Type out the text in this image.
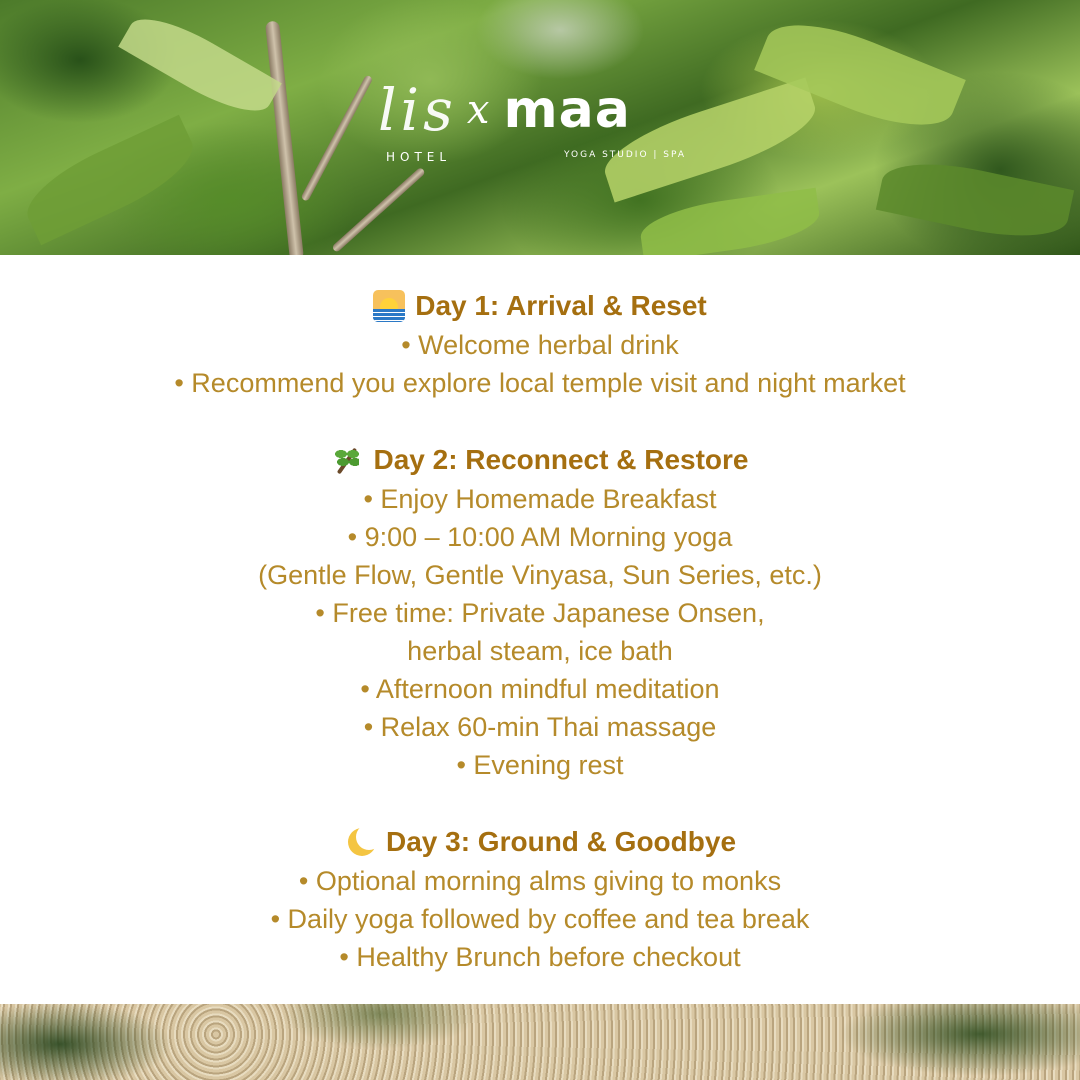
lis x maa
HOTEL	YOGA STUDIO | SPA
Day 1: Arrival & Reset
• Welcome herbal drink
• Recommend you explore local temple visit and night market
Day 2: Reconnect & Restore
• Enjoy Homemade Breakfast
• 9:00 – 10:00 AM Morning yoga
(Gentle Flow, Gentle Vinyasa, Sun Series, etc.)
• Free time: Private Japanese Onsen,
herbal steam, ice bath
• Afternoon mindful meditation
• Relax 60-min Thai massage
• Evening rest
Day 3: Ground & Goodbye
• Optional morning alms giving to monks
• Daily yoga followed by coffee and tea break
• Healthy Brunch before checkout
